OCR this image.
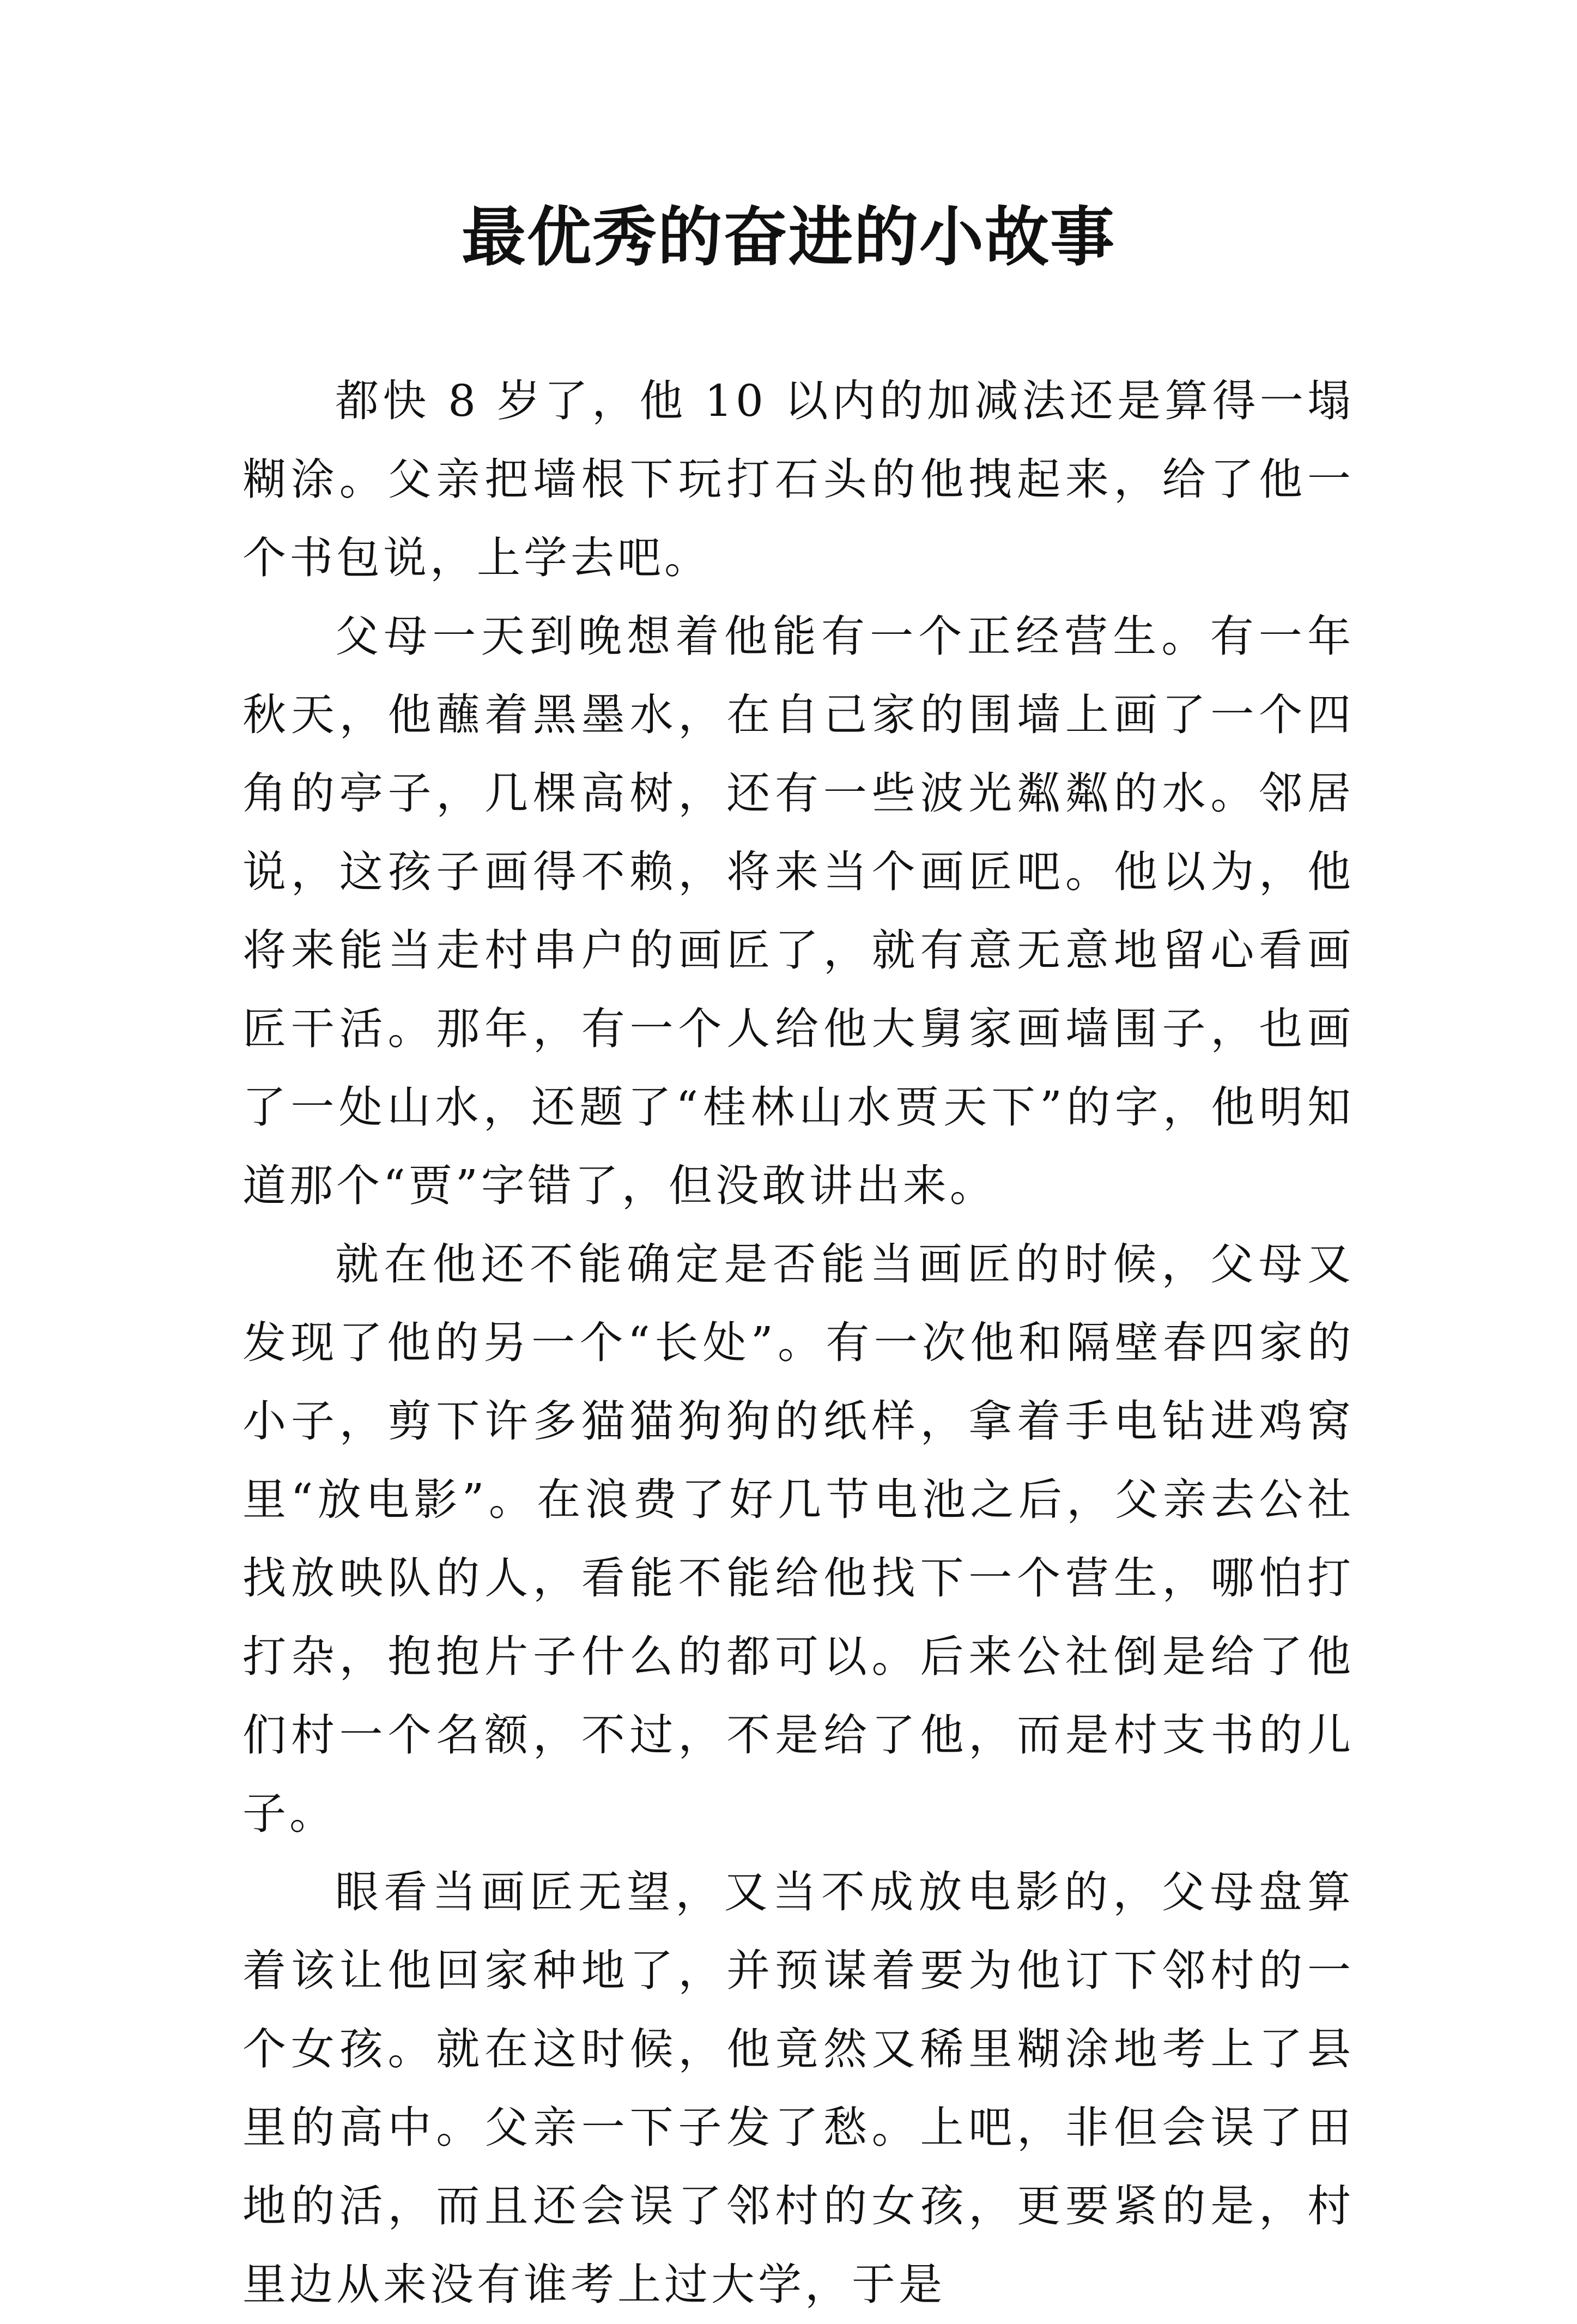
最优秀的奋进的小故事

都快 8 岁了，他 10 以内的加减法还是算得一塌糊涂。父亲把墙根下玩打石头的他拽起来，给了他一个书包说，上学去吧。

父母一天到晚想着他能有一个正经营生。有一年秋天，他蘸着黑墨水，在自己家的围墙上画了一个四角的亭子，几棵高树，还有一些波光粼粼的水。邻居说，这孩子画得不赖，将来当个画匠吧。他以为，他将来能当走村串户的画匠了，就有意无意地留心看画匠干活。那年，有一个人给他大舅家画墙围子，也画了一处山水，还题了“桂林山水贾天下”的字，他明知道那个“贾”字错了，但没敢讲出来。

就在他还不能确定是否能当画匠的时候，父母又发现了他的另一个“长处”。有一次他和隔壁春四家的小子，剪下许多猫猫狗狗的纸样，拿着手电钻进鸡窝里“放电影”。在浪费了好几节电池之后，父亲去公社找放映队的人，看能不能给他找下一个营生，哪怕打打杂，抱抱片子什么的都可以。后来公社倒是给了他们村一个名额，不过，不是给了他，而是村支书的儿子。

眼看当画匠无望，又当不成放电影的，父母盘算着该让他回家种地了，并预谋着要为他订下邻村的一个女孩。就在这时候，他竟然又稀里糊涂地考上了县里的高中。父亲一下子发了愁。上吧，非但会误了田地的活，而且还会误了邻村的女孩，更要紧的是，村里边从来没有谁考上过大学，于是
